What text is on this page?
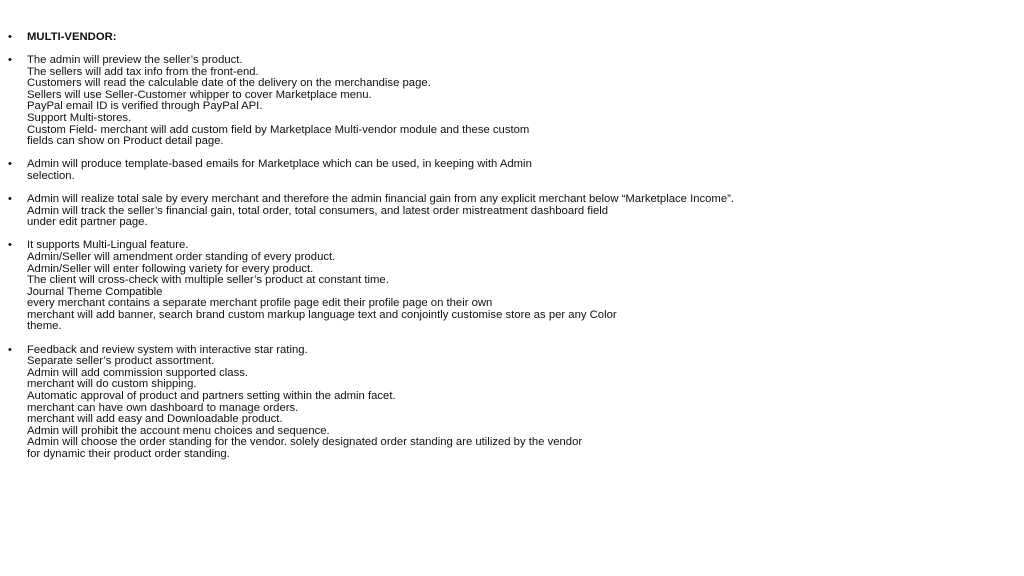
• MULTI-VENDOR:
• The admin will preview the seller’s product.
The sellers will add tax info from the front-end.
Customers will read the calculable date of the delivery on the merchandise page.
Sellers will use Seller-Customer whipper to cover Marketplace menu.
PayPal email ID is verified through PayPal API.
Support Multi-stores.
Custom Field- merchant will add custom field by Marketplace Multi-vendor module and these custom
fields can show on Product detail page.
• Admin will produce template-based emails for Marketplace which can be used, in keeping with Admin
selection.
• Admin will realize total sale by every merchant and therefore the admin financial gain from any explicit merchant below “Marketplace Income”.
Admin will track the seller’s financial gain, total order, total consumers, and latest order mistreatment dashboard field
under edit partner page.
• It supports Multi-Lingual feature.
Admin/Seller will amendment order standing of every product.
Admin/Seller will enter following variety for every product.
The client will cross-check with multiple seller’s product at constant time.
Journal Theme Compatible
every merchant contains a separate merchant profile page edit their profile page on their own
merchant will add banner, search brand custom markup language text and conjointly customise store as per any Color
theme.
• Feedback and review system with interactive star rating.
Separate seller’s product assortment.
Admin will add commission supported class.
merchant will do custom shipping.
Automatic approval of product and partners setting within the admin facet.
merchant can have own dashboard to manage orders.
merchant will add easy and Downloadable product.
Admin will prohibit the account menu choices and sequence.
Admin will choose the order standing for the vendor. solely designated order standing are utilized by the vendor
for dynamic their product order standing.
